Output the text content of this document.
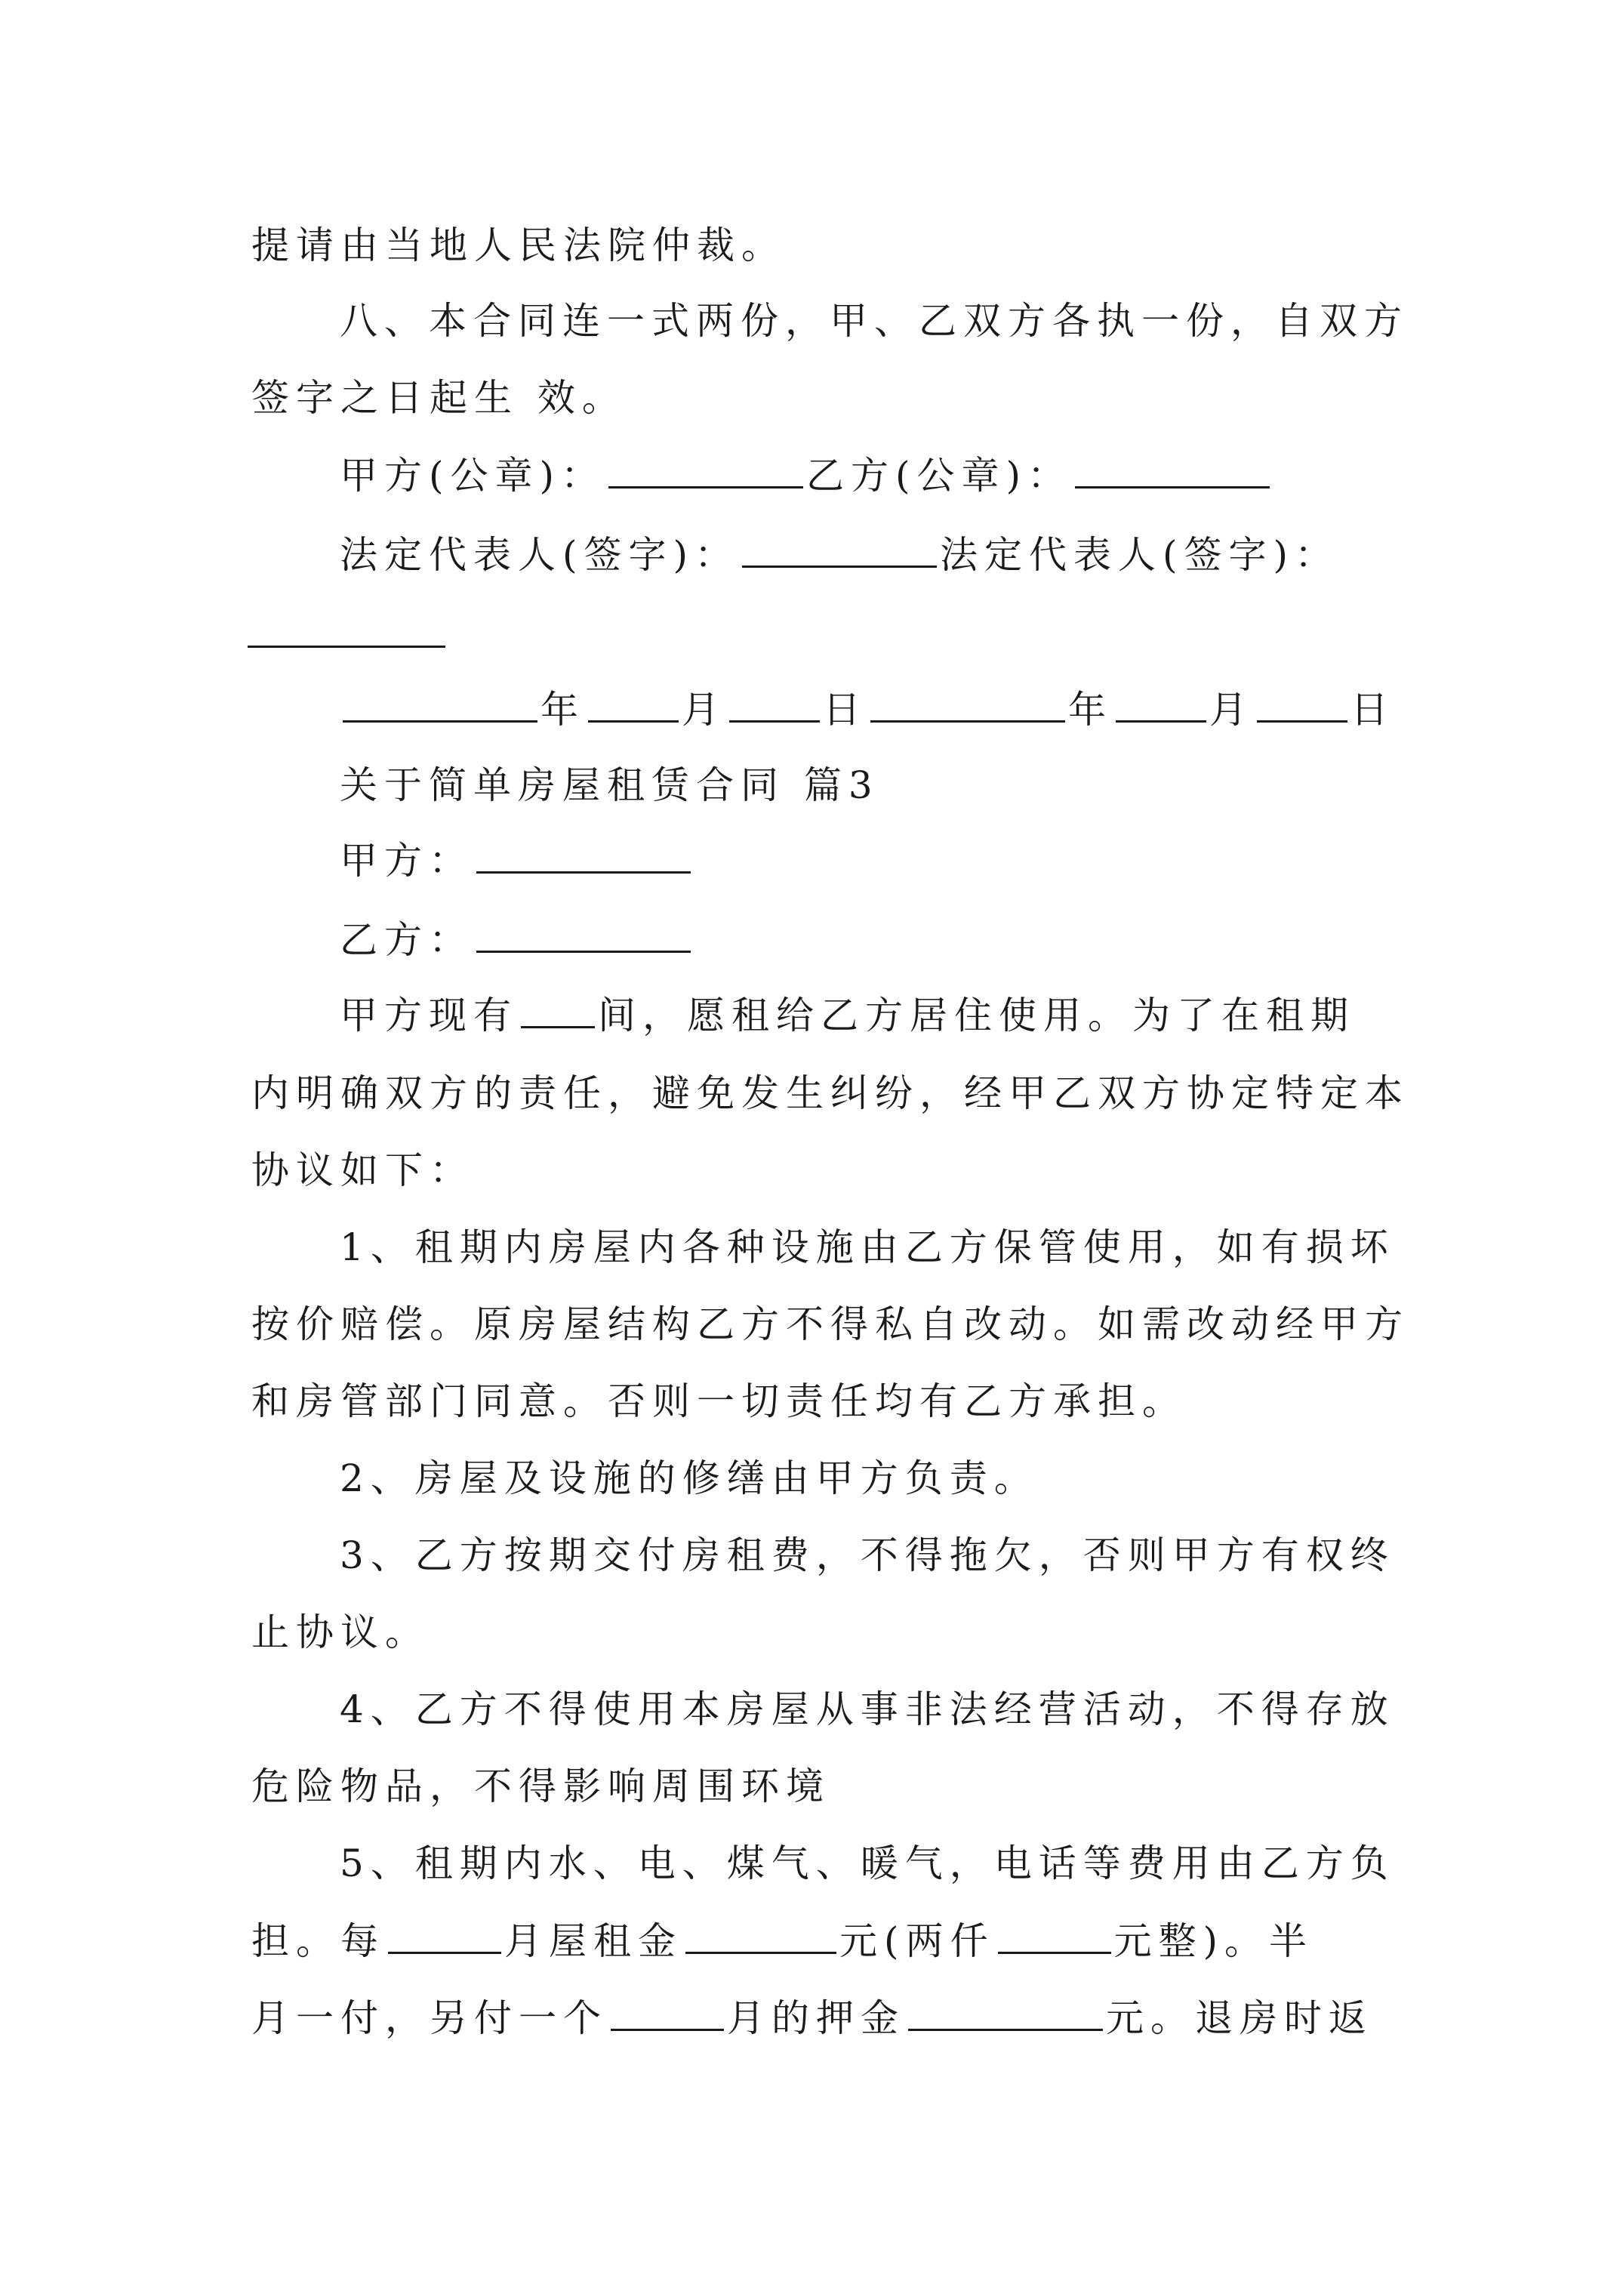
提请由当地人民法院仲裁。
八、本合同连一式两份，甲、乙双方各执一份，自双方
签字之日起生 效。
甲方(公章)：	乙方(公章)：
法定代表人(签字)：	法定代表人(签字)：
年	月	日	年	月	日
关于简单房屋租赁合同 篇3
甲方：
乙方：
甲方现有 间，愿租给乙方居住使用。为了在租期
内明确双方的责任，避免发生纠纷，经甲乙双方协定特定本
协议如下：
1、租期内房屋内各种设施由乙方保管使用，如有损坏
按价赔偿。原房屋结构乙方不得私自改动。如需改动经甲方
和房管部门同意。否则一切责任均有乙方承担。
2、房屋及设施的修缮由甲方负责。
3、乙方按期交付房租费，不得拖欠，否则甲方有权终
止协议。
4、乙方不得使用本房屋从事非法经营活动，不得存放
危险物品，不得影响周围环境
5、租期内水、电、煤气、暖气，电话等费用由乙方负
担。每	月屋租金	元(两仟	元整)。半
月一付，另付一个	月的押金	元。退房时返
